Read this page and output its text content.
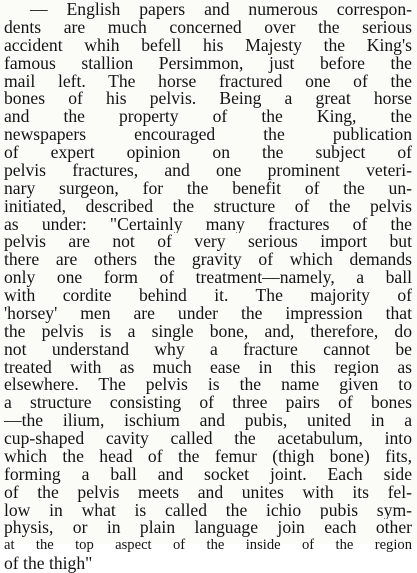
— English papers and numerous correspon-
dents are much concerned over the serious
accident whih befell his Majesty the King's
famous stallion Persimmon, just before the
mail left. The horse fractured one of the
bones of his pelvis. Being a great horse
and the property of the King, the
newspapers encouraged the publication
of expert opinion on the subject of
pelvis fractures, and one prominent veteri-
nary surgeon, for the benefit of the un-
initiated, described the structure of the pelvis
as under: "Certainly many fractures of the
pelvis are not of very serious import but
there are others the gravity of which demands
only one form of treatment—namely, a ball
with cordite behind it. The majority of
'horsey' men are under the impression that
the pelvis is a single bone, and, therefore, do
not understand why a fracture cannot be
treated with as much ease in this region as
elsewhere. The pelvis is the name given to
a structure consisting of three pairs of bones
—the ilium, ischium and pubis, united in a
cup-shaped cavity called the acetabulum, into
which the head of the femur (thigh bone) fits,
forming a ball and socket joint. Each side
of the pelvis meets and unites with its fel-
low in what is called the ichio pubis sym-
physis, or in plain language join each other
at the top aspect of the inside of the region
of the thigh"
